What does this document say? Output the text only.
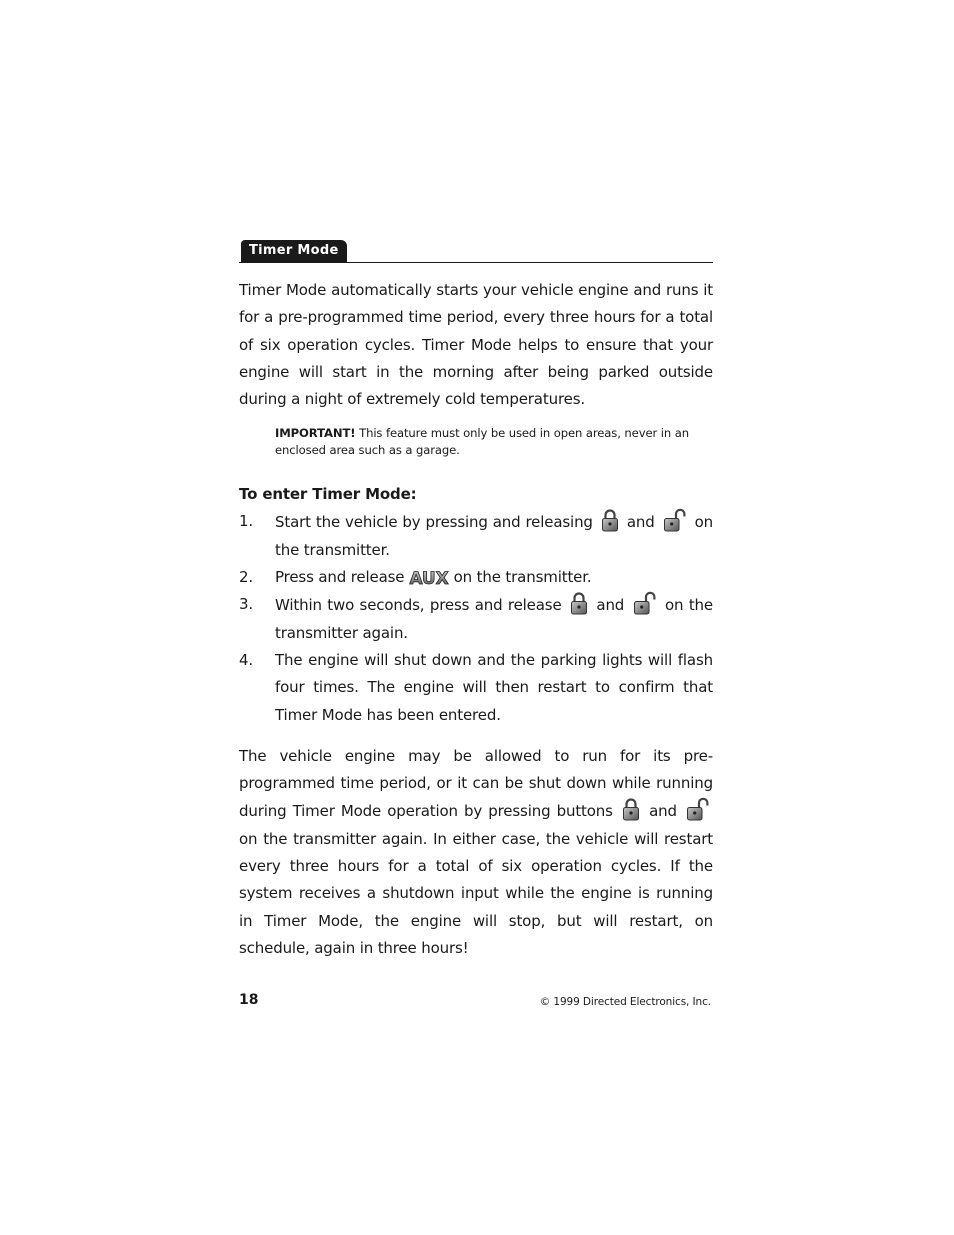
Timer Mode

Timer Mode automatically starts your vehicle engine and runs it for a pre-programmed time period, every three hours for a total of six operation cycles. Timer Mode helps to ensure that your engine will start in the morning after being parked outside during a night of extremely cold temperatures.

IMPORTANT! This feature must only be used in open areas, never in an enclosed area such as a garage.
To enter Timer Mode:
1. Start the vehicle by pressing and releasing and	on the transmitter.
2. Press and release AUX on the transmitter.
3. Within two seconds, press and release and	on the transmitter again.
4. The engine will shut down and the parking lights will flash four times. The engine will then restart to confirm that Timer Mode has been entered.

The vehicle engine may be allowed to run for its pre-programmed time period, or it can be shut down while running during Timer Mode operation by pressing buttons and
on the transmitter again. In either case, the vehicle will restart every three hours for a total of six operation cycles. If the system receives a shutdown input while the engine is running in Timer Mode, the engine will stop, but will restart, on schedule, again in three hours!

18	© 1999 Directed Electronics, Inc.
